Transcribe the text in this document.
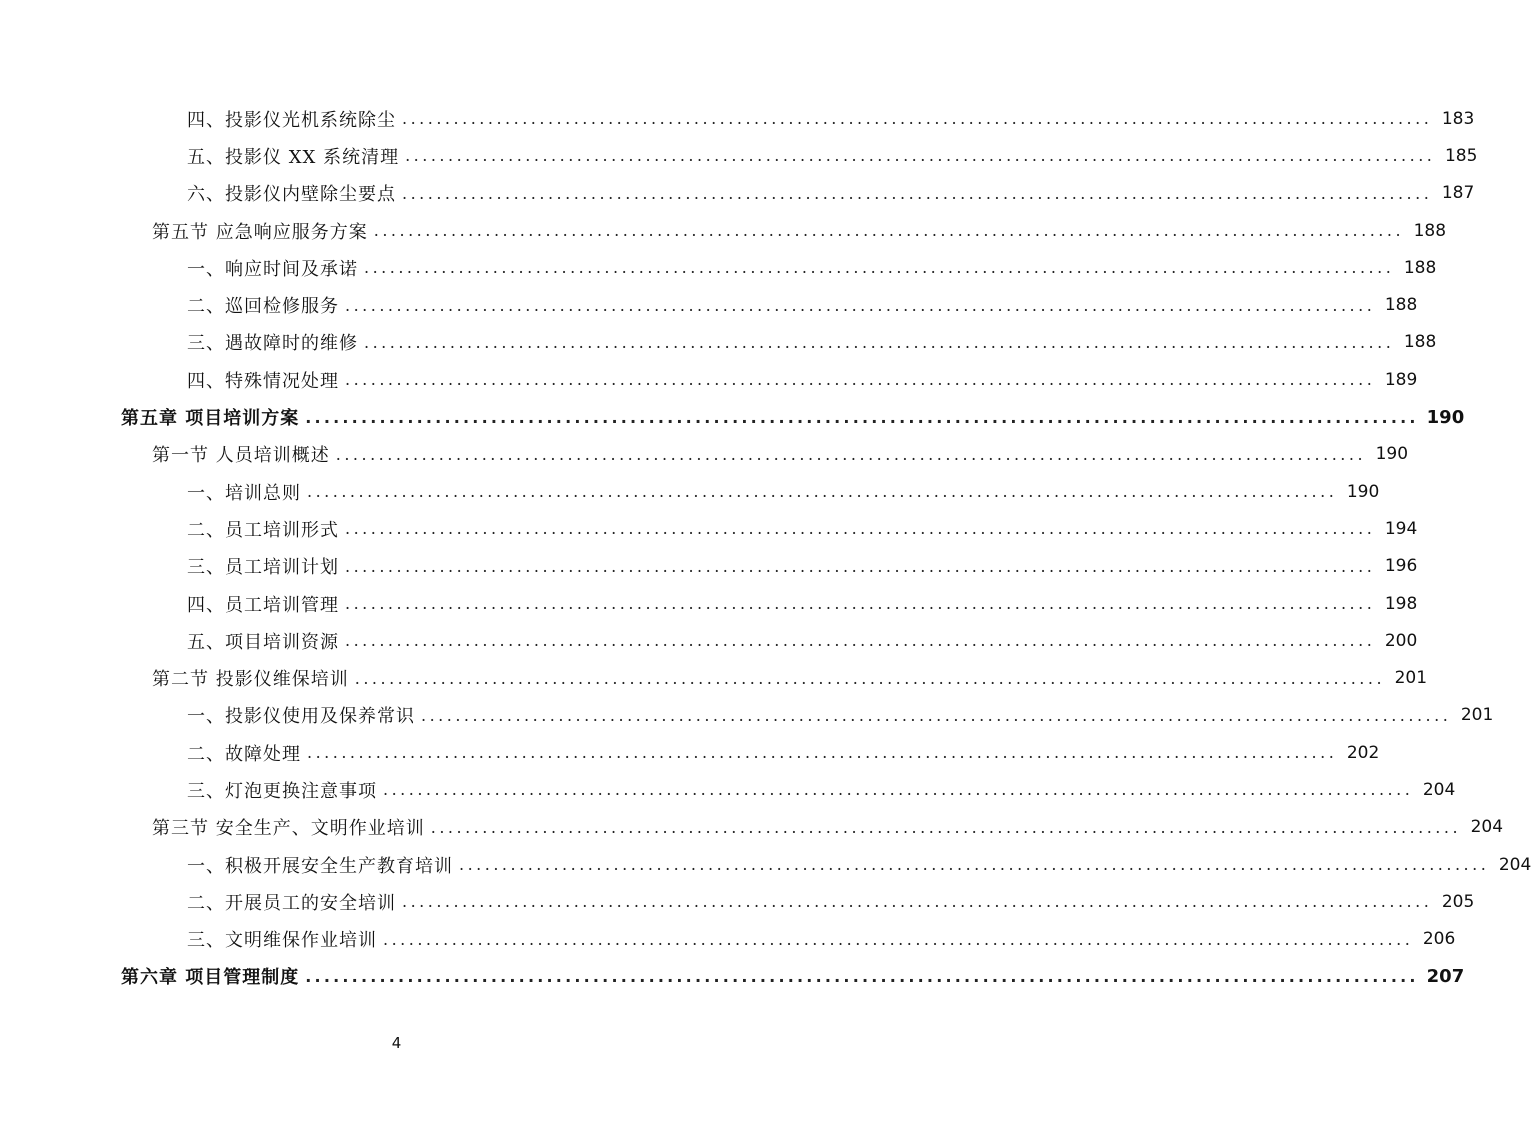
四、投影仪光机系统除尘 ........................................................................................................................ 183
五、投影仪 XX 系统清理 ........................................................................................................................ 185
六、投影仪内壁除尘要点 ........................................................................................................................ 187
第五节 应急响应服务方案 ........................................................................................................................ 188
一、响应时间及承诺 ........................................................................................................................ 188
二、巡回检修服务 ........................................................................................................................ 188
三、遇故障时的维修 ........................................................................................................................ 188
四、特殊情况处理 ........................................................................................................................ 189
第五章 项目培训方案 ........................................................................................................................ 190
第一节 人员培训概述 ........................................................................................................................ 190
一、培训总则 ........................................................................................................................ 190
二、员工培训形式 ........................................................................................................................ 194
三、员工培训计划 ........................................................................................................................ 196
四、员工培训管理 ........................................................................................................................ 198
五、项目培训资源 ........................................................................................................................ 200
第二节 投影仪维保培训 ........................................................................................................................ 201
一、投影仪使用及保养常识 ........................................................................................................................ 201
二、故障处理 ........................................................................................................................ 202
三、灯泡更换注意事项 ........................................................................................................................ 204
第三节 安全生产、文明作业培训 ........................................................................................................................ 204
一、积极开展安全生产教育培训 ........................................................................................................................ 204
二、开展员工的安全培训 ........................................................................................................................ 205
三、文明维保作业培训 ........................................................................................................................ 206
第六章 项目管理制度 ........................................................................................................................ 207
4
